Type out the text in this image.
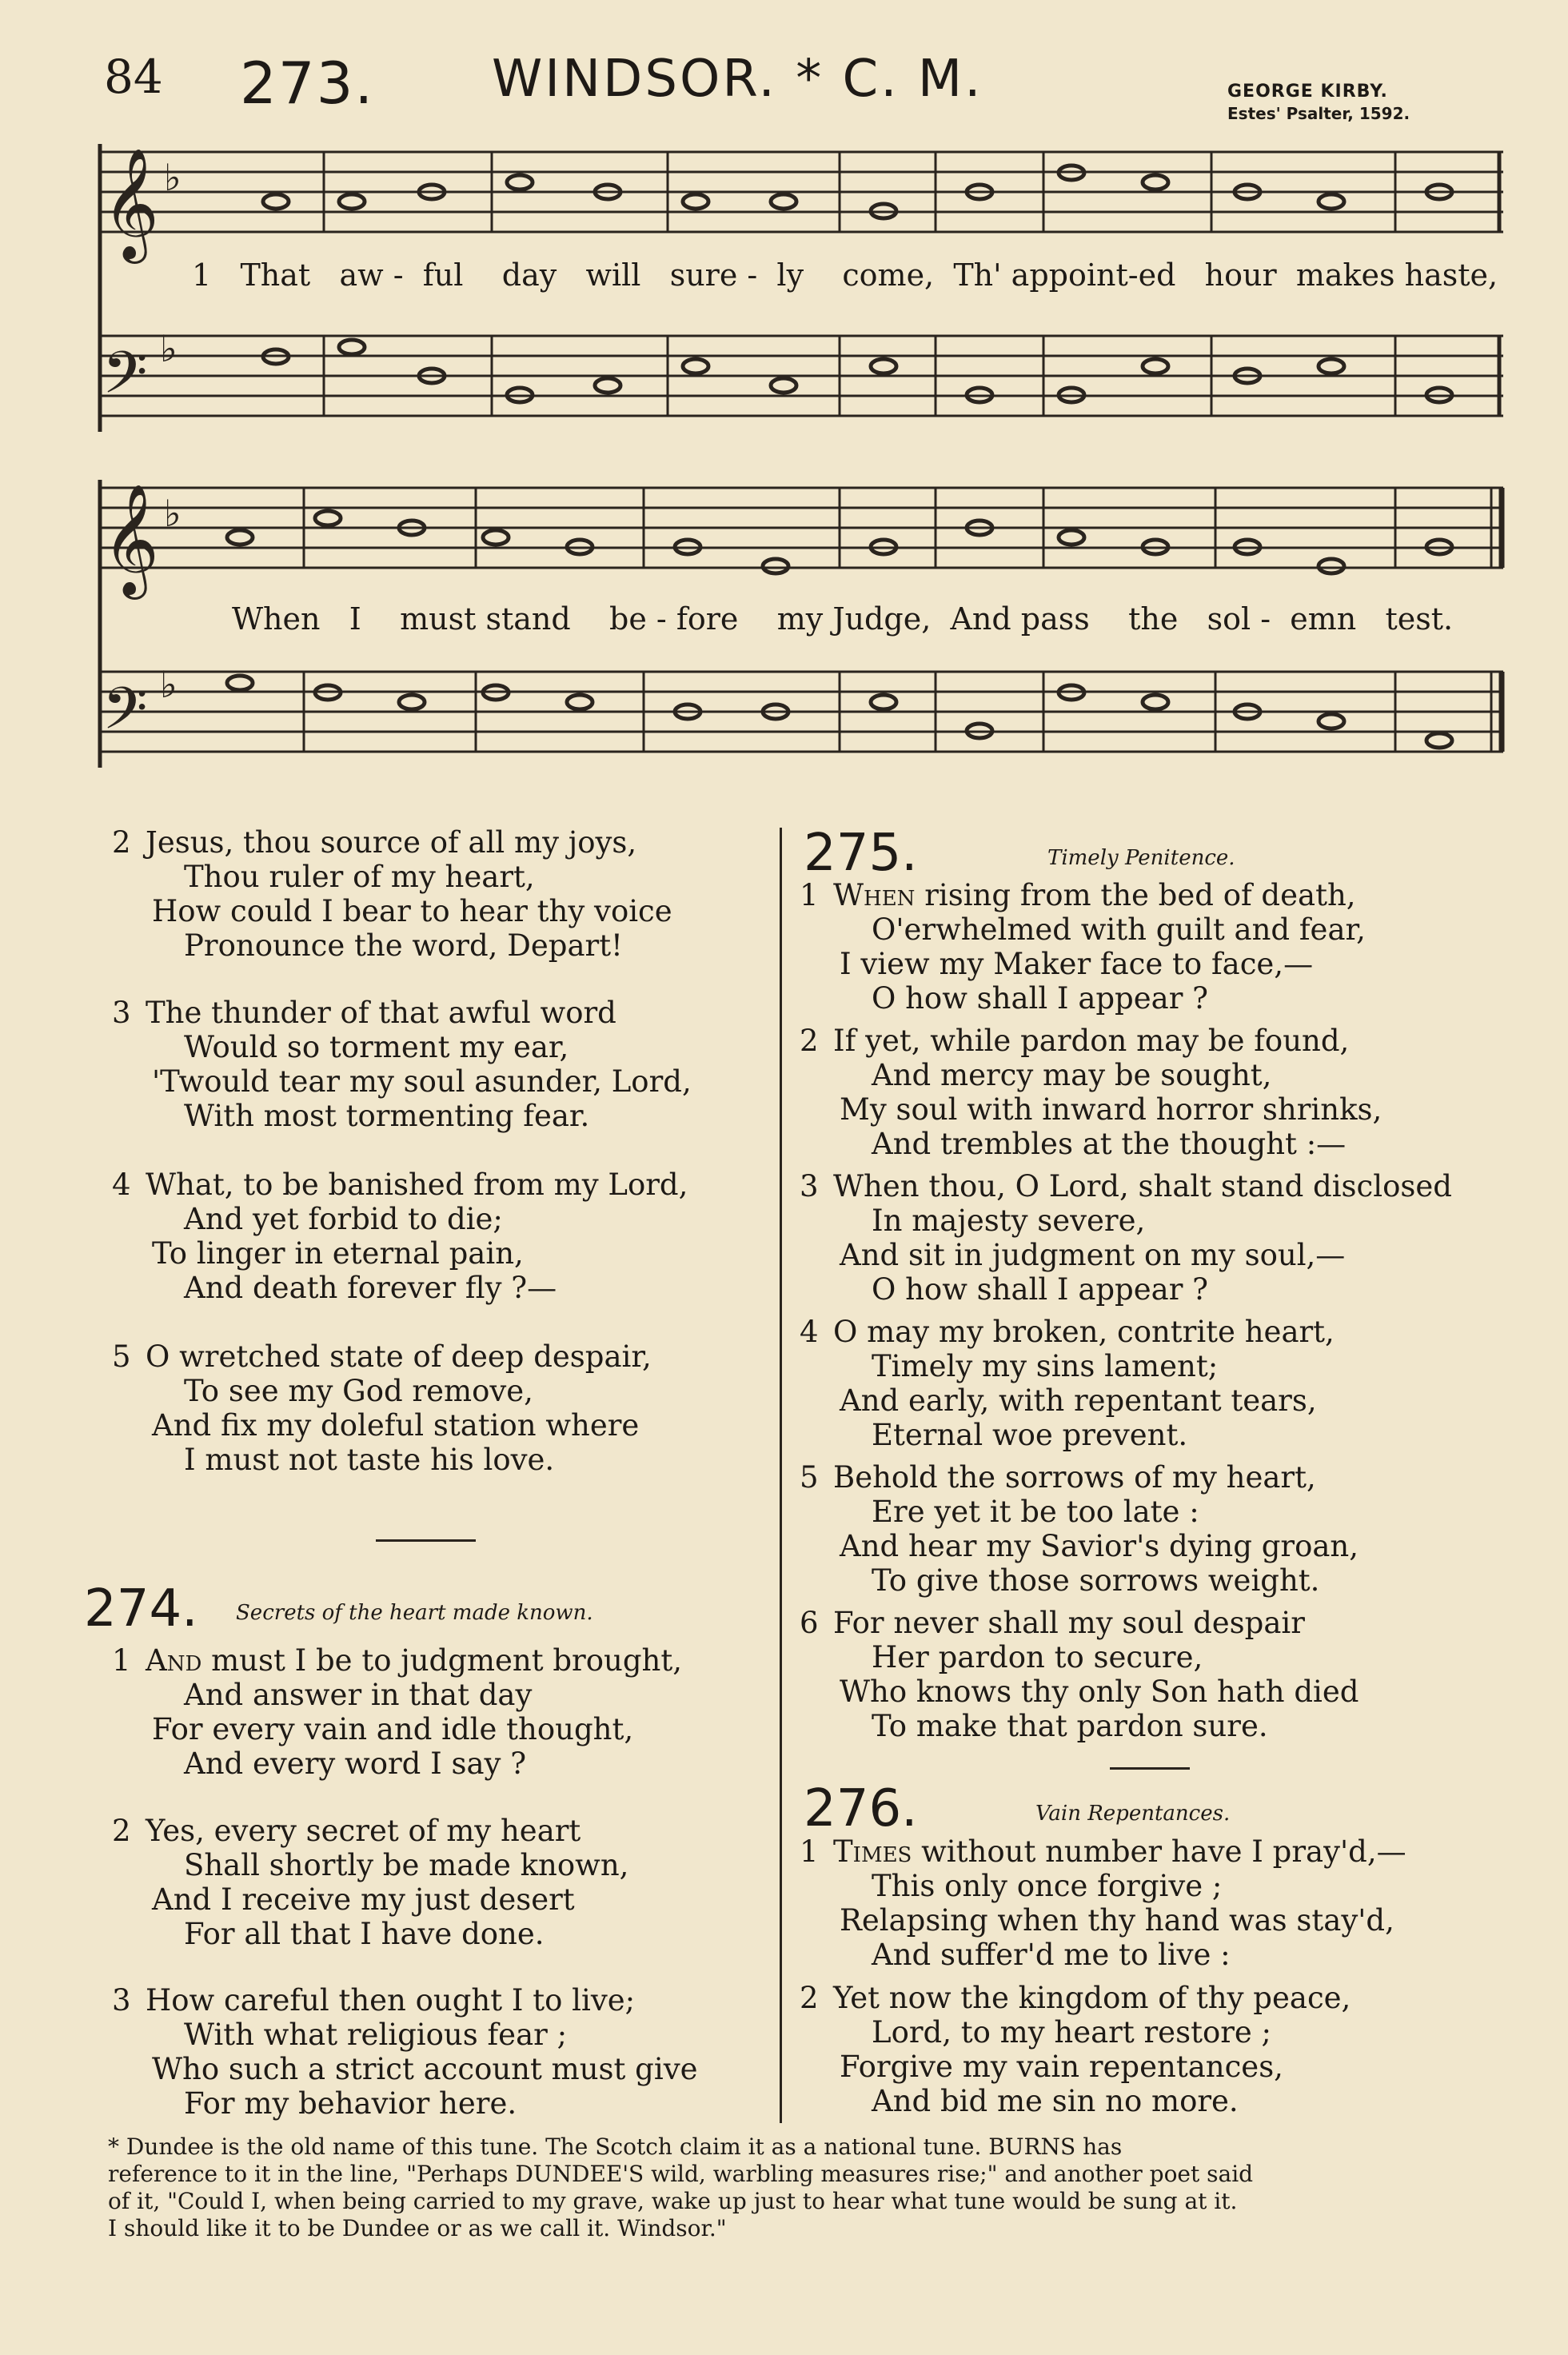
84 273. WINDSOR. * C. M.	GEORGE KIRBY.
Estes' Psalter, 1592.
𝄞
𝄢
♭
♭
1 That aw - ful day will sure - ly come, Th' appoint-ed hour makes haste,
𝄞
𝄢
♭
♭
When I must stand be - fore my Judge, And pass the sol - emn test.
2 Jesus, thou source of all my joys,
Thou ruler of my heart,
How could I bear to hear thy voice
Pronounce the word, Depart!
3 The thunder of that awful word
Would so torment my ear,
'Twould tear my soul asunder, Lord,
With most tormenting fear.
4 What, to be banished from my Lord,
And yet forbid to die;
To linger in eternal pain,
And death forever fly ?—
5 O wretched state of deep despair,
To see my God remove,
And fix my doleful station where
I must not taste his love.
274. Secrets of the heart made known.
1 And must I be to judgment brought,
And answer in that day
For every vain and idle thought,
And every word I say ?
2 Yes, every secret of my heart
Shall shortly be made known,
And I receive my just desert
For all that I have done.
3 How careful then ought I to live;
With what religious fear ;
Who such a strict account must give
For my behavior here.
275.	Timely Penitence.
1 When rising from the bed of death,
O'erwhelmed with guilt and fear,
I view my Maker face to face,—
O how shall I appear ?
2 If yet, while pardon may be found,
And mercy may be sought,
My soul with inward horror shrinks,
And trembles at the thought :—
3 When thou, O Lord, shalt stand disclosed
In majesty severe,
And sit in judgment on my soul,—
O how shall I appear ?
4 O may my broken, contrite heart,
Timely my sins lament;
And early, with repentant tears,
Eternal woe prevent.
5 Behold the sorrows of my heart,
Ere yet it be too late :
And hear my Savior's dying groan,
To give those sorrows weight.
6 For never shall my soul despair
Her pardon to secure,
Who knows thy only Son hath died
To make that pardon sure.
276.	Vain Repentances.
1 Times without number have I pray'd,—
This only once forgive ;
Relapsing when thy hand was stay'd,
And suffer'd me to live :
2 Yet now the kingdom of thy peace,
Lord, to my heart restore ;
Forgive my vain repentances,
And bid me sin no more.
* Dundee is the old name of this tune. The Scotch claim it as a national tune. BURNS has
reference to it in the line, "Perhaps DUNDEE'S wild, warbling measures rise;" and another poet said
of it, "Could I, when being carried to my grave, wake up just to hear what tune would be sung at it.
I should like it to be Dundee or as we call it. Windsor."
